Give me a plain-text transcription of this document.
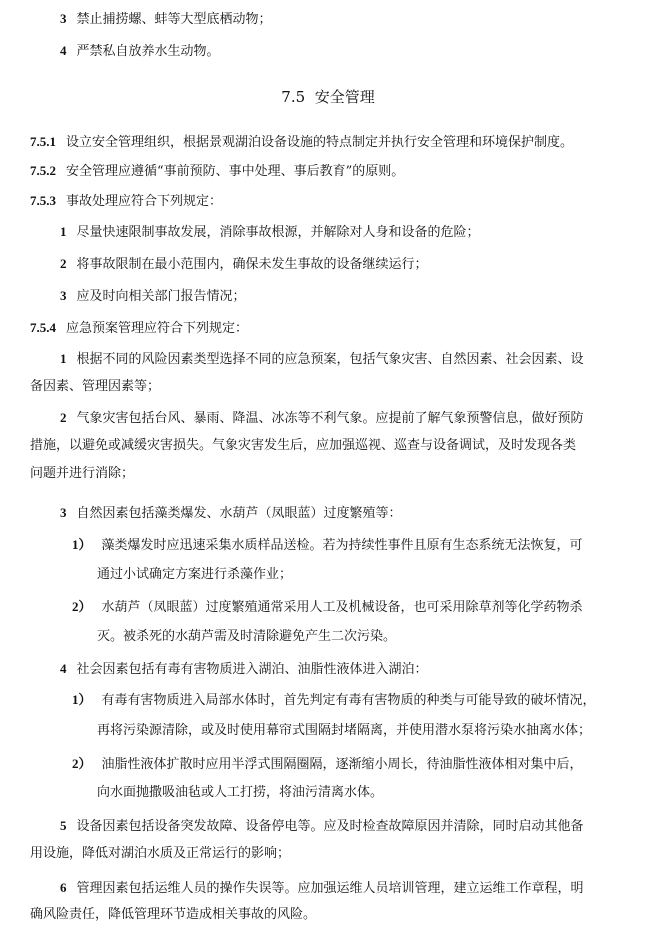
3 禁止捕捞螺、蚌等大型底栖动物；
4 严禁私自放养水生动物。
7.5 安全管理
7.5.1 设立安全管理组织，根据景观湖泊设备设施的特点制定并执行安全管理和环境保护制度。
7.5.2 安全管理应遵循“事前预防、事中处理、事后教育”的原则。
7.5.3 事故处理应符合下列规定：
1 尽量快速限制事故发展，消除事故根源，并解除对人身和设备的危险；
2 将事故限制在最小范围内，确保未发生事故的设备继续运行；
3 应及时向相关部门报告情况；
7.5.4 应急预案管理应符合下列规定：
1 根据不同的风险因素类型选择不同的应急预案，包括气象灾害、自然因素、社会因素、设
备因素、管理因素等；
2 气象灾害包括台风、暴雨、降温、冰冻等不利气象。应提前了解气象预警信息，做好预防
措施，以避免或减缓灾害损失。气象灾害发生后，应加强巡视、巡查与设备调试，及时发现各类
问题并进行消除；
3 自然因素包括藻类爆发、水葫芦（凤眼蓝）过度繁殖等：
1） 藻类爆发时应迅速采集水质样品送检。若为持续性事件且原有生态系统无法恢复，可
通过小试确定方案进行杀藻作业；
2） 水葫芦（凤眼蓝）过度繁殖通常采用人工及机械设备，也可采用除草剂等化学药物杀
灭。被杀死的水葫芦需及时清除避免产生二次污染。
4 社会因素包括有毒有害物质进入湖泊、油脂性液体进入湖泊：
1） 有毒有害物质进入局部水体时，首先判定有毒有害物质的种类与可能导致的破坏情况，
再将污染源清除，或及时使用幕帘式围隔封堵隔离，并使用潜水泵将污染水抽离水体；
2） 油脂性液体扩散时应用半浮式围隔圈隔，逐渐缩小周长，待油脂性液体相对集中后，
向水面抛撒吸油毡或人工打捞，将油污清离水体。
5 设备因素包括设备突发故障、设备停电等。应及时检查故障原因并清除，同时启动其他备
用设施，降低对湖泊水质及正常运行的影响；
6 管理因素包括运维人员的操作失误等。应加强运维人员培训管理，建立运维工作章程，明
确风险责任，降低管理环节造成相关事故的风险。
